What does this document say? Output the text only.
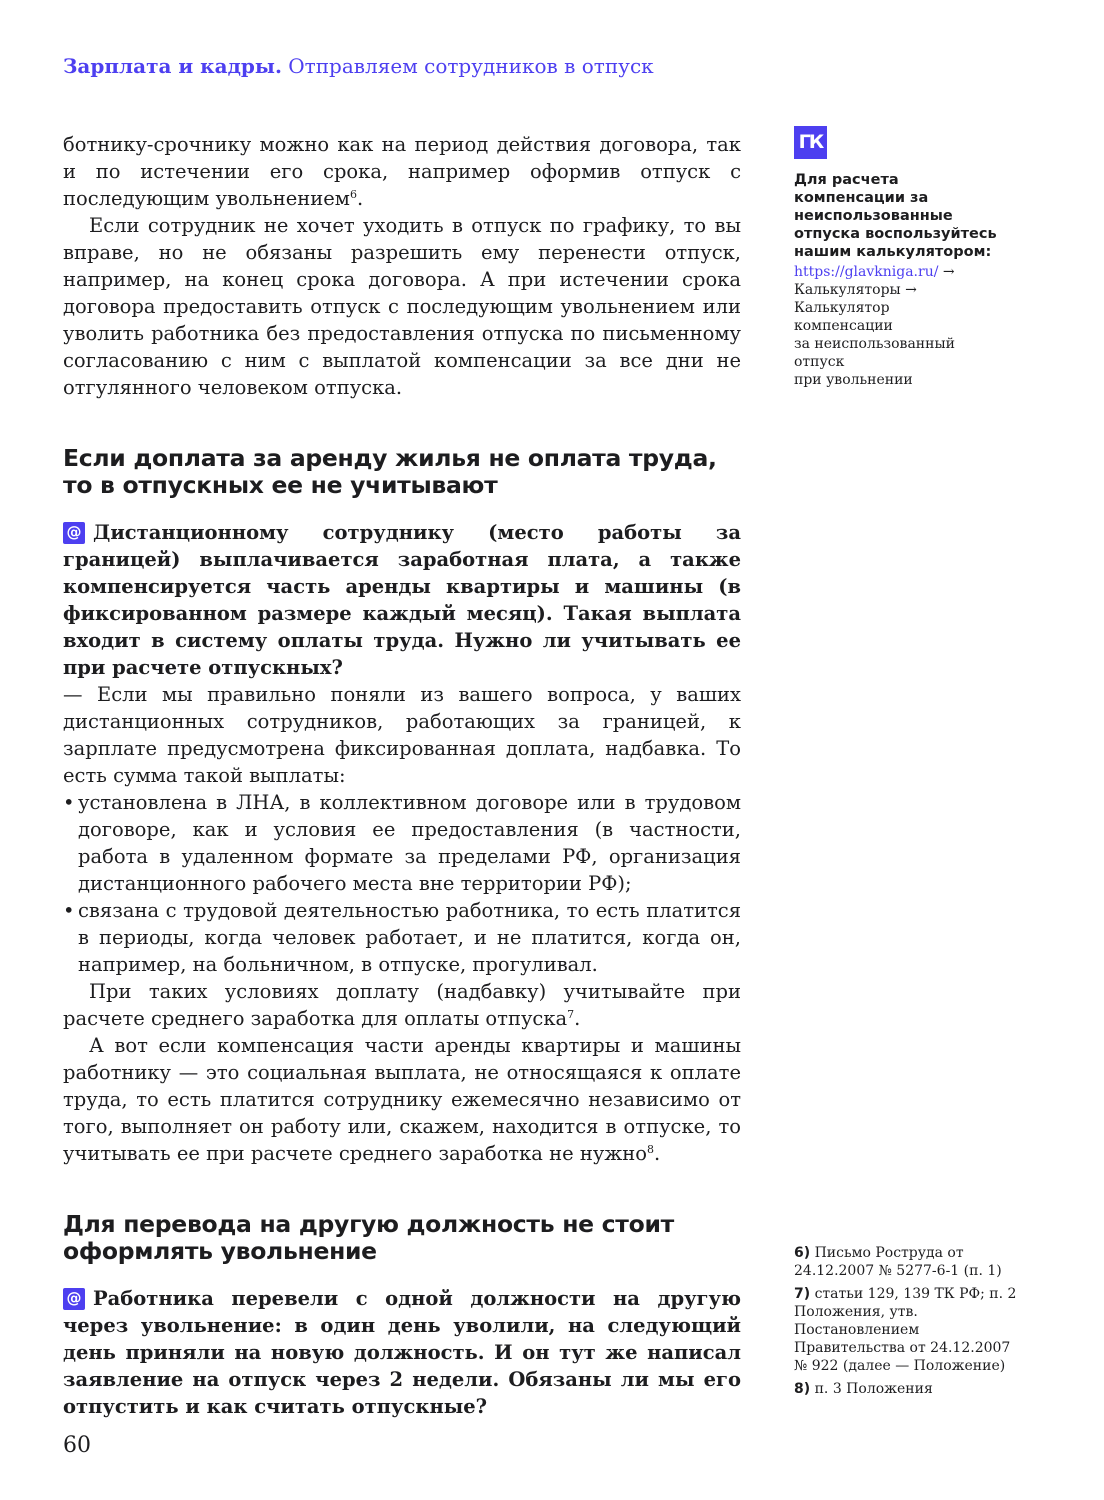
Зарплата и кадры. Отправляем сотрудников в отпуск

ботнику-срочнику можно как на период действия договора, так и по истечении его срока, например оформив отпуск с последующим увольнением$^6$.

Если сотрудник не хочет уходить в отпуск по графику, то вы вправе, но не обязаны разрешить ему перенести отпуск, например, на конец срока договора. А при истечении срока договора предоставить отпуск с последующим увольнением или уволить работника без предоставления отпуска по письменному согласованию с ним с выплатой компенсации за все дни не отгулянного человеком отпуска.

Если доплата за аренду жилья не оплата труда,
то в отпускных ее не учитывают

@ Дистанционному сотруднику (место работы за границей) выплачивается заработная плата, а также компенсируется часть аренды квартиры и машины (в фиксированном размере каждый месяц). Такая выплата входит в систему оплаты труда. Нужно ли учитывать ее при расчете отпускных?

— Если мы правильно поняли из вашего вопроса, у ваших дистанционных сотрудников, работающих за границей, к зарплате предусмотрена фиксированная доплата, надбавка. То есть сумма такой выплаты:

• установлена в ЛНА, в коллективном договоре или в трудовом договоре, как и условия ее предоставления (в частности, работа в удаленном формате за пределами РФ, организация дистанционного рабочего места вне территории РФ);
• связана с трудовой деятельностью работника, то есть платится в периоды, когда человек работает, и не платится, когда он, например, на больничном, в отпуске, прогуливал.

При таких условиях доплату (надбавку) учитывайте при расчете среднего заработка для оплаты отпуска$^7$.

А вот если компенсация части аренды квартиры и машины работнику — это социальная выплата, не относящаяся к оплате труда, то есть платится сотруднику ежемесячно независимо от того, выполняет он работу или, скажем, находится в отпуске, то учитывать ее при расчете среднего заработка не нужно$^8$.

Для перевода на другую должность не стоит
оформлять увольнение

@ Работника перевели с одной должности на другую через увольнение: в один день уволили, на следующий день приняли на новую должность. И он тут же написал заявление на отпуск через 2 недели. Обязаны ли мы его отпустить и как считать отпускные?

ГК
Для расчета компенсации за неиспользованные отпуска воспользуйтесь нашим калькулятором:
https://glavkniga.ru/ →
Калькуляторы → Калькулятор
компенсации
за неиспользованный отпуск
при увольнении
6) Письмо Роструда от 24.12.2007 № 5277-6-1 (п. 1)
7) статьи 129, 139 ТК РФ; п. 2 Положения, утв. Постановлением Правительства от 24.12.2007 № 922 (далее — Положение)
8) п. 3 Положения
60
